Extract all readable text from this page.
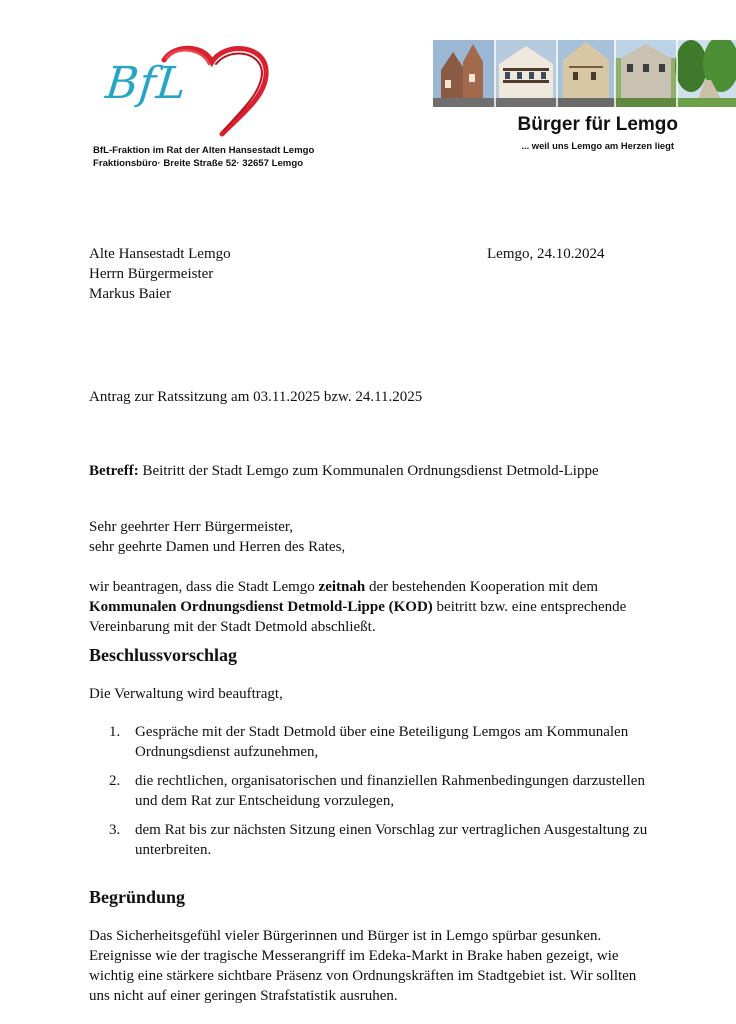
BfL
BfL-Fraktion im Rat der Alten Hansestadt Lemgo
Fraktionsbüro· Breite Straße 52· 32657 Lemgo
Bürger für Lemgo
... weil uns Lemgo am Herzen liegt
Alte Hansestadt Lemgo
Herrn Bürgermeister
Markus Baier
Lemgo, 24.10.2024
Antrag zur Ratssitzung am 03.11.2025 bzw. 24.11.2025
Betreff: Beitritt der Stadt Lemgo zum Kommunalen Ordnungsdienst Detmold-Lippe
Sehr geehrter Herr Bürgermeister,
sehr geehrte Damen und Herren des Rates,
wir beantragen, dass die Stadt Lemgo zeitnah der bestehenden Kooperation mit dem Kommunalen Ordnungsdienst Detmold-Lippe (KOD) beitritt bzw. eine entsprechende Vereinbarung mit der Stadt Detmold abschließt.
Beschlussvorschlag
Die Verwaltung wird beauftragt,
1. Gespräche mit der Stadt Detmold über eine Beteiligung Lemgos am Kommunalen
Ordnungsdienst aufzunehmen,
2. die rechtlichen, organisatorischen und finanziellen Rahmenbedingungen darzustellen
und dem Rat zur Entscheidung vorzulegen,
3. dem Rat bis zur nächsten Sitzung einen Vorschlag zur vertraglichen Ausgestaltung zu
unterbreiten.
Begründung
Das Sicherheitsgefühl vieler Bürgerinnen und Bürger ist in Lemgo spürbar gesunken.
Ereignisse wie der tragische Messerangriff im Edeka-Markt in Brake haben gezeigt, wie
wichtig eine stärkere sichtbare Präsenz von Ordnungskräften im Stadtgebiet ist. Wir sollten
uns nicht auf einer geringen Strafstatistik ausruhen.
